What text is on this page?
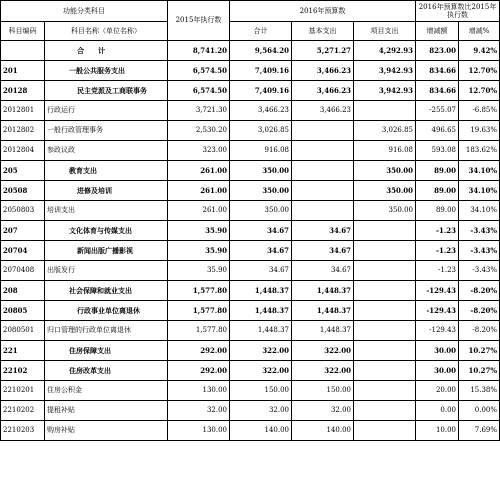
功能分类科目		2015年执行数	2016年预算数			2016年预算数比2015年
执行数	
科目编码	科目名称（单位名称）		合计	基本支出	项目支出	增减额	增减%
	合　　计	8,741.20	9,564.20	5,271.27	4,292.93	823.00	9.42%
201	一般公共服务支出	6,574.50	7,409.16	3,466.23	3,942.93	834.66	12.70%
20128	民主党派及工商联事务	6,574.50	7,409.16	3,466.23	3,942.93	834.66	12.70%
2012801	行政运行	3,721.30	3,466.23	3,466.23		-255.07	-6.85%
2012802	一般行政管理事务	2,530.20	3,026.85		3,026.85	496.65	19.63%
2012804	参政议政	323.00	916.08		916.08	593.08	183.62%
205	教育支出	261.00	350.00		350.00	89.00	34.10%
20508	进修及培训	261.00	350.00		350.00	89.00	34.10%
2050803	培训支出	261.00	350.00		350.00	89.00	34.10%
207	文化体育与传媒支出	35.90	34.67	34.67		-1.23	-3.43%
20704	新闻出版广播影视	35.90	34.67	34.67		-1.23	-3.43%
2070408	出版发行	35.90	34.67	34.67		-1.23	-3.43%
208	社会保障和就业支出	1,577.80	1,448.37	1,448.37		-129.43	-8.20%
20805	行政事业单位离退休	1,577.80	1,448.37	1,448.37		-129.43	-8.20%
2080501	归口管理的行政单位离退休	1,577.80	1,448.37	1,448.37		-129.43	-8.20%
221	住房保障支出	292.00	322.00	322.00		30.00	10.27%
22102	住房改革支出	292.00	322.00	322.00		30.00	10.27%
2210201	住房公积金	130.00	150.00	150.00		20.00	15.38%
2210202	提租补贴	32.00	32.00	32.00		0.00	0.00%
2210203	购房补贴	130.00	140.00	140.00		10.00	7.69%
